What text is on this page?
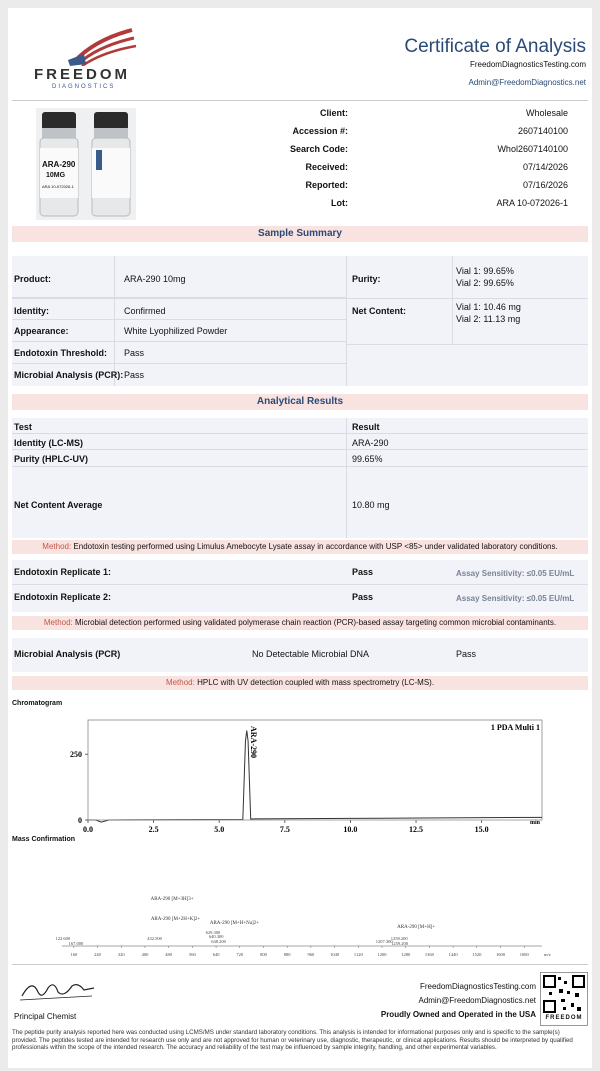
FREEDOM
DIAGNOSTICS
Certificate of Analysis
FreedomDiagnosticsTesting.com
Admin@FreedomDiagnostics.net
ARA-290
10MG
ARA 10-072026-1
Client:	Wholesale
Accession #:	2607140100
Search Code:	Whol2607140100
Received:	07/14/2026
Reported:	07/16/2026
Lot:	ARA 10-072026-1
Sample Summary
Product:	ARA-290 10mg
Identity:	Confirmed
Appearance:	White Lyophilized Powder
Endotoxin Threshold: Pass
Microbial Analysis (PCR): Pass
Purity:
Vial 1: 99.65%
Vial 2: 99.65%
Net Content:	Vial 1: 10.46 mg
Vial 2: 11.13 mg
Analytical Results
Test	Result
Identity (LC-MS)	ARA-290
Purity (HPLC-UV)	99.65%
Net Content Average	10.80 mg
Method: Endotoxin testing performed using Limulus Amebocyte Lysate assay in accordance with USP <85> under validated laboratory conditions.
Endotoxin Replicate 1:	Pass	Assay Sensitivity: ≤0.05 EU/mL
Endotoxin Replicate 2:	Pass	Assay Sensitivity: ≤0.05 EU/mL
Method: Microbial detection performed using validated polymerase chain reaction (PCR)-based assay targeting common microbial contaminants.
Microbial Analysis (PCR)	No Detectable Microbial DNA	Pass
Method: HPLC with UV detection coupled with mass spectrometry (LC-MS).
Chromatogram
0.0	2.5	5.0	7.5	10.0	12.5	15.0
min
0
250	ARA-290	1 PDA Multi 1
Mass Confirmation
160	240	320	400	480	560	640	720	800	880	960	1040	1120	1200	1280	1360	1440	1520	1600	1680	m/z
ARA-290 [M+3H]3+
ARA-290 [M+2H+K]2+
ARA-290 [M+H+Na]2+
ARA-290 [M+H]+
122.600
167.000
432.500
629.300
640.300
648.200	1207.300
1258.200
1259.200
Principal Chemist
FreedomDiagnosticsTesting.com
Admin@FreedomDiagnostics.net
Proudly Owned and Operated in the USA	FREEDOM
The peptide purity analysis reported here was conducted using LCMS/MS under standard laboratory conditions. This analysis is intended for informational purposes only and is specific to the sample(s) provided. The peptides tested are intended for research use only and are not approved for human or veterinary use, diagnostic, therapeutic, or clinical applications. Results should be interpreted by qualified professionals within the scope of the intended research. The accuracy and reliability of the test may be influenced by sample integrity, handling, and other experimental variables.
